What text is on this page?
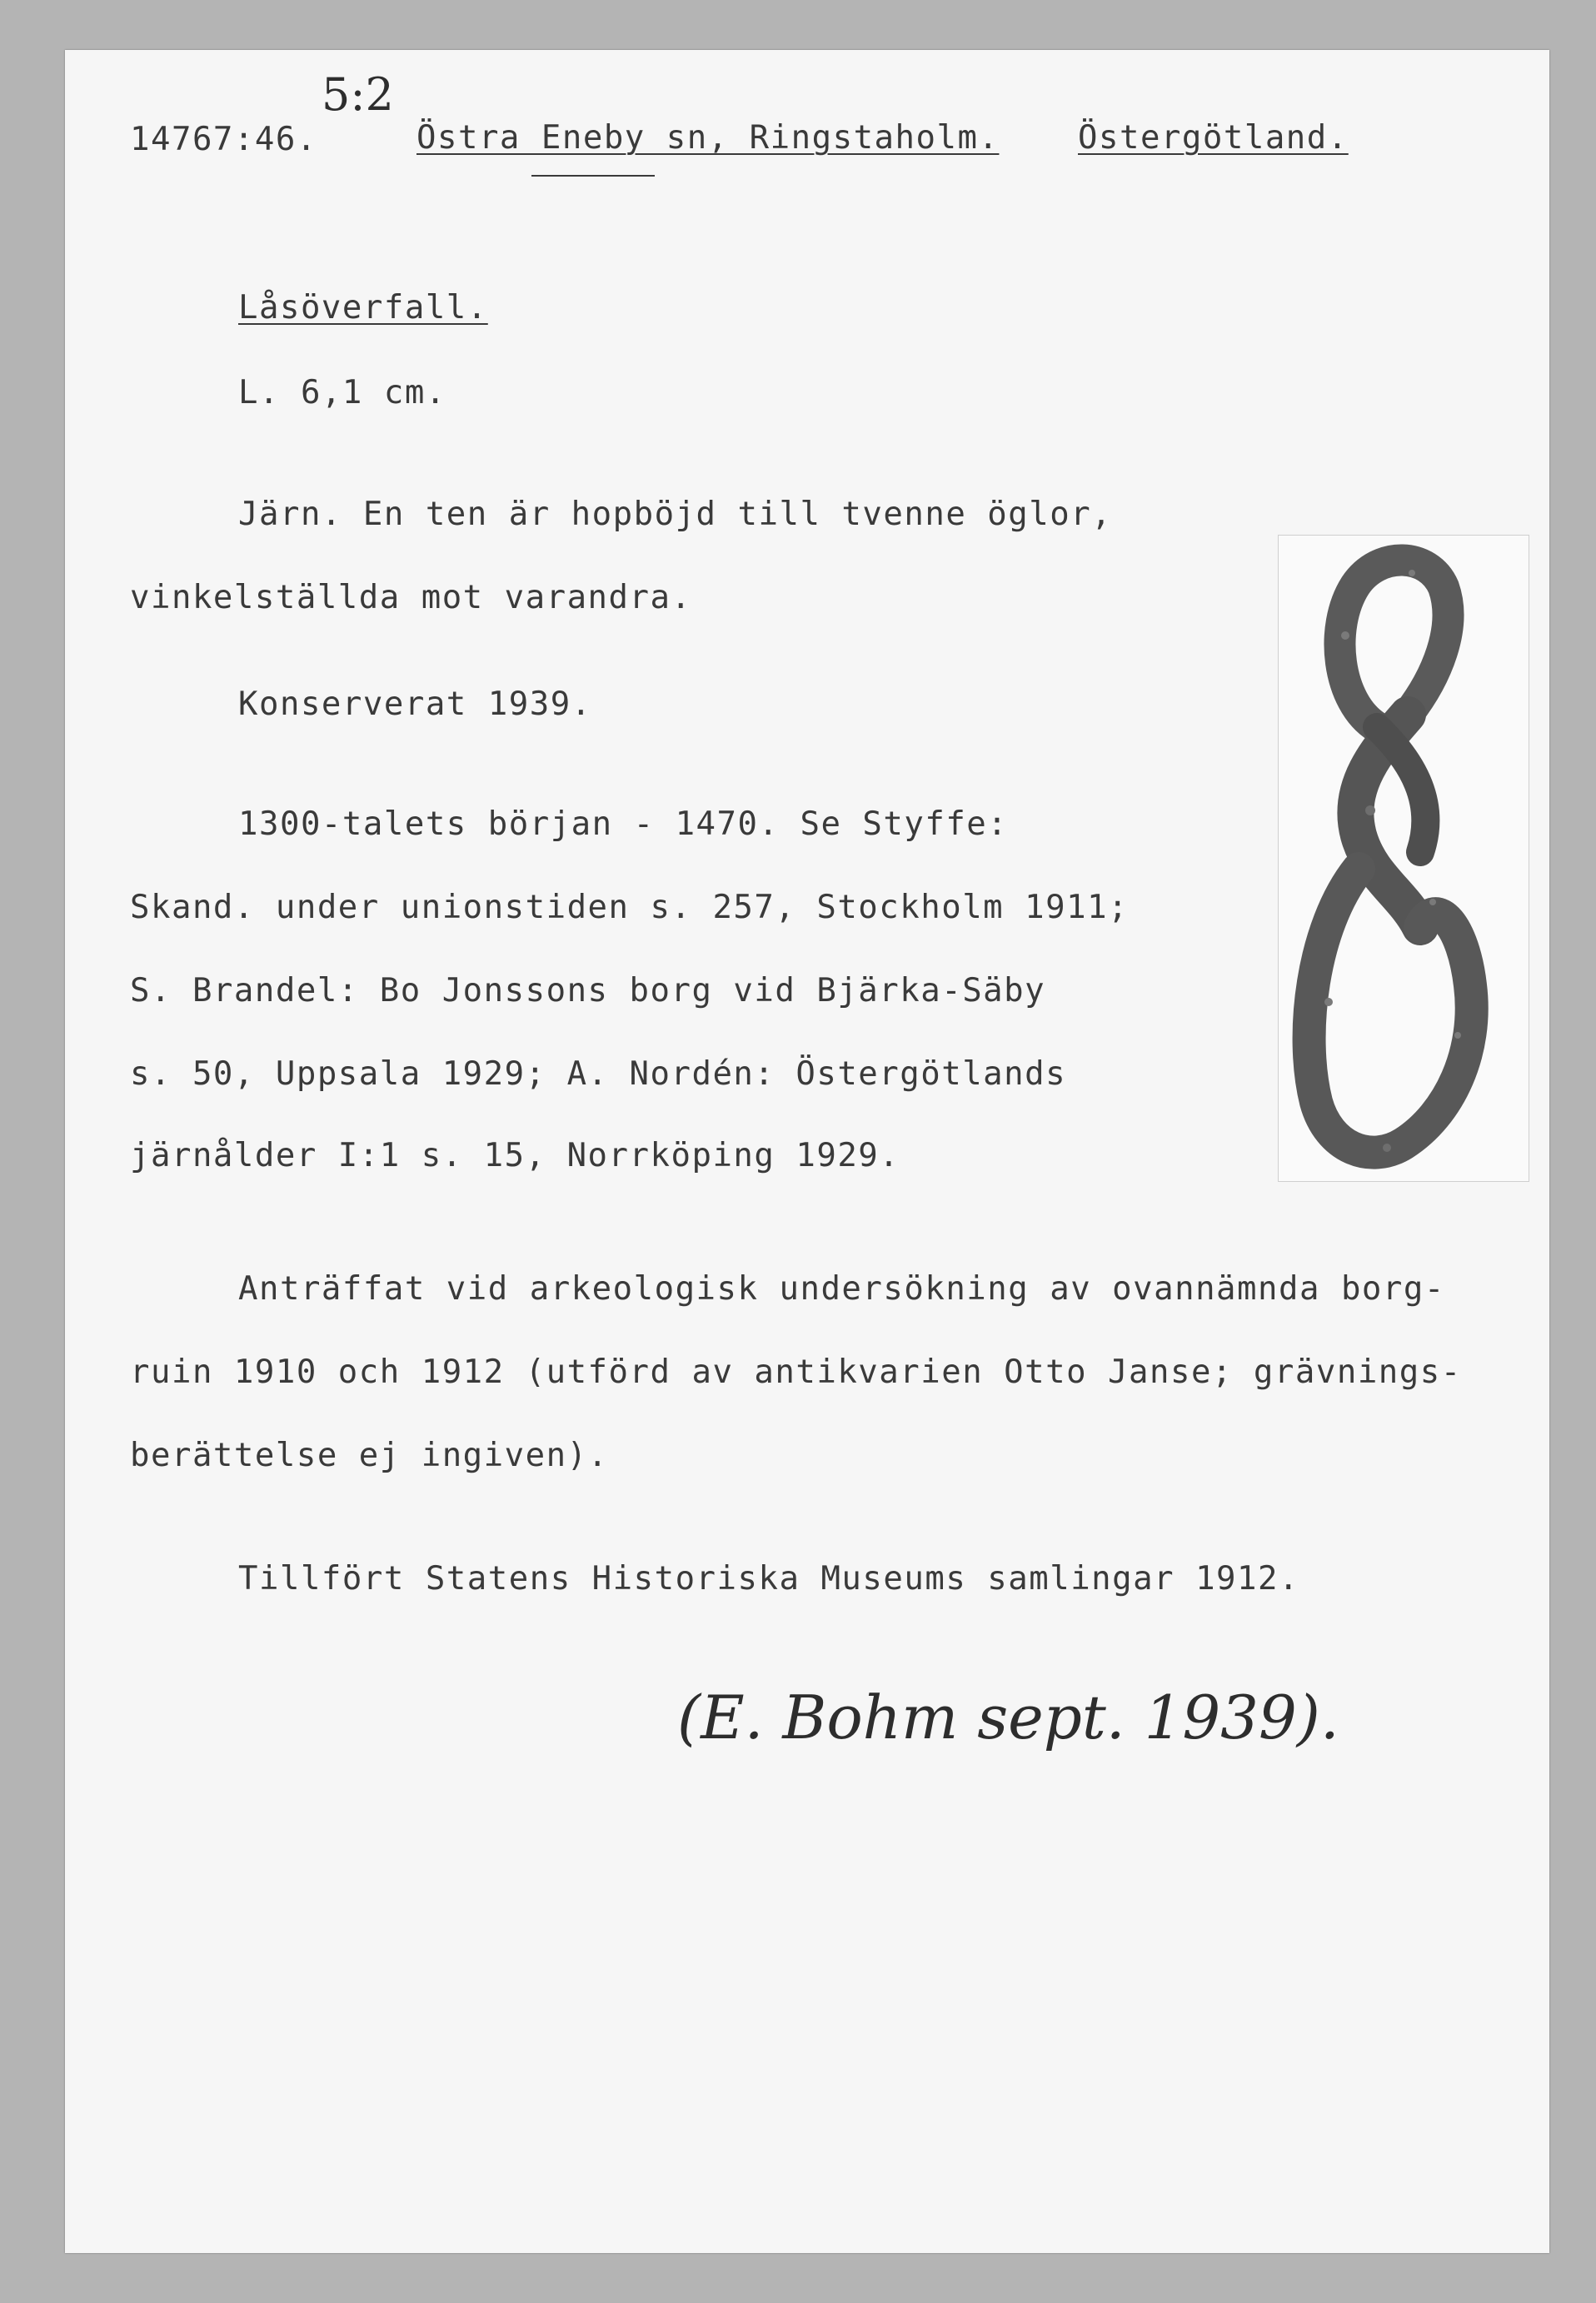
5:2
14767:46.	Östra Eneby sn, Ringstaholm. Östergötland.
Låsöverfall.
L. 6,1 cm.
Järn. En ten är hopböjd till tvenne öglor,
vinkelställda mot varandra.
Konserverat 1939.
1300-talets början - 1470. Se Styffe:
Skand. under unionstiden s. 257, Stockholm 1911;
S. Brandel: Bo Jonssons borg vid Bjärka-Säby
s. 50, Uppsala 1929; A. Nordén: Östergötlands
järnålder I:1 s. 15, Norrköping 1929.
Anträffat vid arkeologisk undersökning av ovannämnda borg-
ruin 1910 och 1912 (utförd av antikvarien Otto Janse; grävnings-
berättelse ej ingiven).
Tillfört Statens Historiska Museums samlingar 1912.
(E. Bohm sept. 1939).
